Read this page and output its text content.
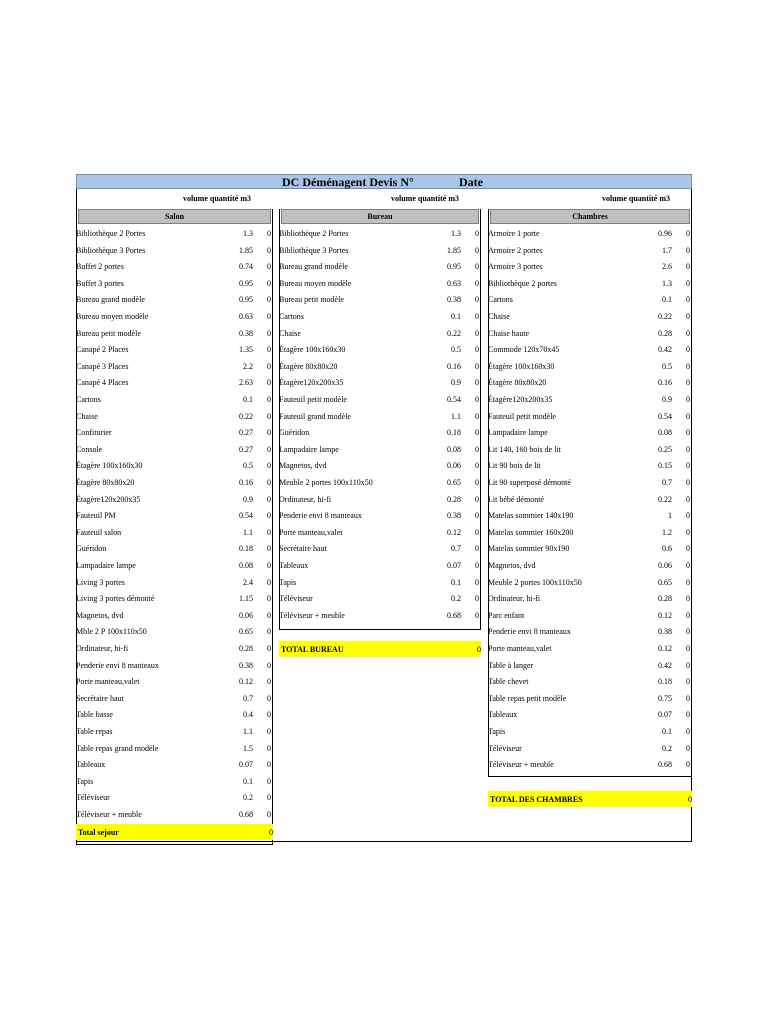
DC Déménagent Devis N°	Date
volume quantité m3
Salon
Bibliothèque 2 Portes	1.3	0
Bibliothèque 3 Portes	1.85	0
Buffet 2 portes	0.74	0
Buffet 3 portes	0.95	0
Bureau grand modèle	0.95	0
Bureau moyen modèle	0.63	0
Bureau petit modèle	0.38	0
Canapé 2 Places	1.35	0
Canapé 3 Places	2.2	0
Canapé 4 Places	2.63	0
Cartons	0.1	0
Chaise	0.22	0
Confiturier	0.27	0
Console	0.27	0
Étagère 100x160x30	0.5	0
Étagère 80x80x20	0.16	0
Étagère120x200x35	0.9	0
Fauteuil PM	0.54	0
Fauteuil salon	1.1	0
Guéridon	0.18	0
Lampadaire lampe	0.08	0
Living 3 portes	2.4	0
Living 3 portes démonté	1.15	0
Magnetos, dvd	0.06	0
Mble 2 P 100x110x50	0.65	0
Ordinateur, hi-fi	0.28	0
Penderie envi 8 manteaux	0.38	0
Porte manteau,valet	0.12	0
Secrétaire haut	0.7	0
Table basse	0.4	0
Table repas	1.1	0
Table repas grand modèle	1.5	0
Tableaux	0.07	0
Tapis	0.1	0
Téléviseur	0.2	0
Téléviseur + meuble	0.68	0
Total sejour	0
volume quantité m3
Bureau
Bibliothèque 2 Portes	1.3	0
Bibliothèque 3 Portes	1.85	0
Bureau grand modèle	0.95	0
Bureau moyen modèle	0.63	0
Bureau petit modèle	0.38	0
Cartons	0.1	0
Chaise	0.22	0
Étagère 100x160x30	0.5	0
Étagère 80x80x20	0.16	0
Étagère120x200x35	0.9	0
Fauteuil petit modèle	0.54	0
Fauteuil grand modèle	1.1	0
Guéridon	0.18	0
Lampadaire lampe	0.08	0
Magnetos, dvd	0.06	0
Meuble 2 portes 100x110x50	0.65	0
Ordinateur, hi-fi	0.28	0
Penderie envi 8 manteaux	0.38	0
Porte manteau,valet	0.12	0
Secrétaire haut	0.7	0
Tableaux	0.07	0
Tapis	0.1	0
Téléviseur	0.2	0
Téléviseur + meuble	0.68	0
TOTAL BUREAU	0
volume quantité m3
Chambres
Armoire 1 porte	0.96	0
Armoire 2 portes	1.7	0
Armoire 3 portes	2.6	0
Bibliothèque 2 portes	1.3	0
Cartons	0.1	0
Chaise	0.22	0
Chaise haute	0.28	0
Commode 120x70x45	0.42	0
Étagère 100x160x30	0.5	0
Étagère 80x80x20	0.16	0
Étagère120x200x35	0.9	0
Fauteuil petit modèle	0.54	0
Lampadaire lampe	0.08	0
Lit 140, 160 bois de lit	0.25	0
Lit 90 bois de lit	0.15	0
Lit 90 superposé démonté	0.7	0
Lit bébé démonté	0.22	0
Matelas sommier 140x190	1	0
Matelas sommier 160x200	1.2	0
Matelas sommier 90x190	0.6	0
Magnetos, dvd	0.06	0
Meuble 2 portes 100x110x50	0.65	0
Ordinateur, hi-fi	0.28	0
Parc enfant	0.12	0
Penderie envi 8 manteaux	0.38	0
Porte manteau,valet	0.12	0
Table à langer	0.42	0
Table chevet	0.18	0
Table repas petit modèle	0.75	0
Tableaux	0.07	0
Tapis	0.1	0
Téléviseur	0.2	0
Téléviseur + meuble	0.68	0
TOTAL DES CHAMBRES	0
